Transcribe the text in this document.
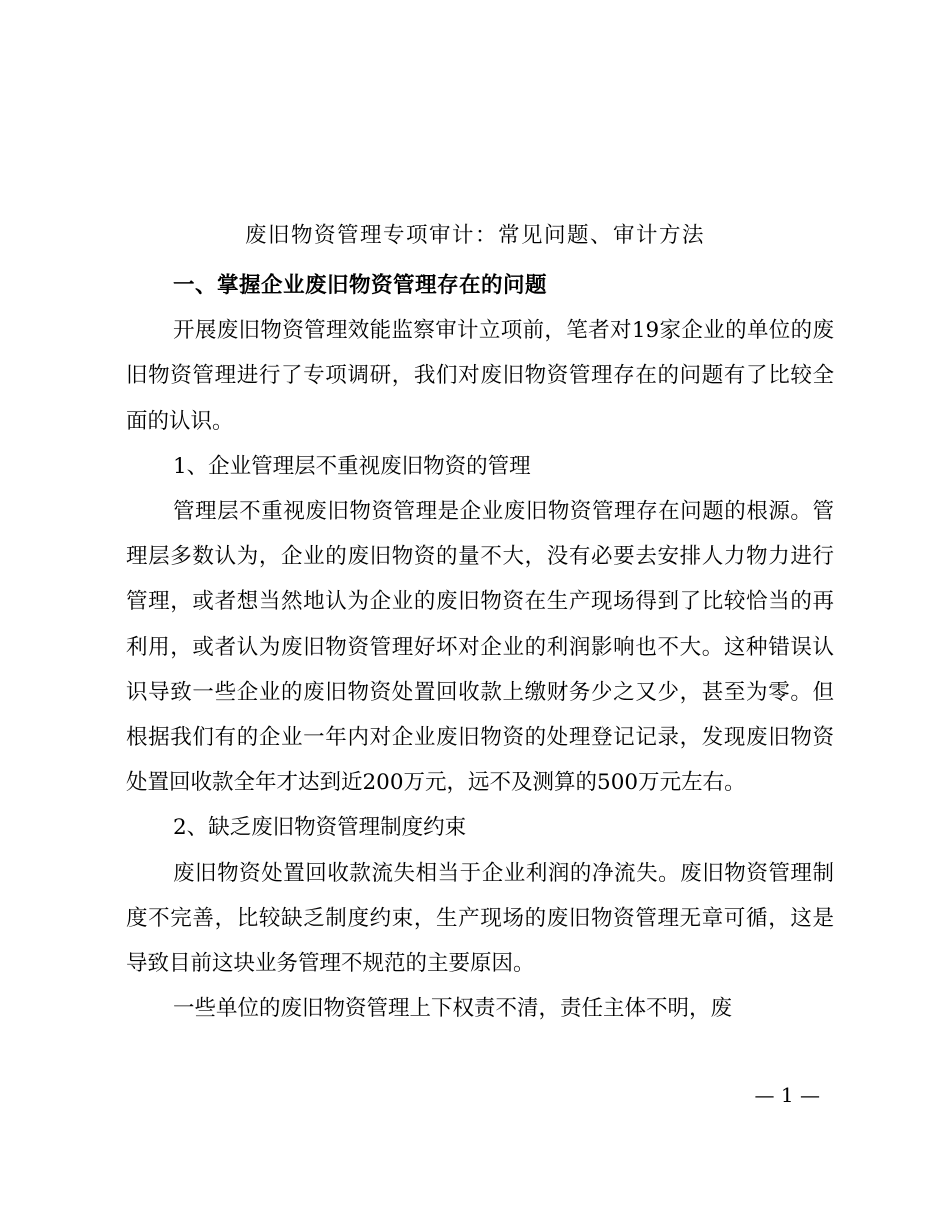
废旧物资管理专项审计：常见问题、审计方法

一、掌握企业废旧物资管理存在的问题

开展废旧物资管理效能监察审计立项前，笔者对19家企业的单位的废旧物资管理进行了专项调研，我们对废旧物资管理存在的问题有了比较全面的认识。

1、企业管理层不重视废旧物资的管理

管理层不重视废旧物资管理是企业废旧物资管理存在问题的根源。管理层多数认为，企业的废旧物资的量不大，没有必要去安排人力物力进行管理，或者想当然地认为企业的废旧物资在生产现场得到了比较恰当的再利用，或者认为废旧物资管理好坏对企业的利润影响也不大。这种错误认识导致一些企业的废旧物资处置回收款上缴财务少之又少，甚至为零。但根据我们有的企业一年内对企业废旧物资的处理登记记录，发现废旧物资处置回收款全年才达到近200万元，远不及测算的500万元左右。

2、缺乏废旧物资管理制度约束

废旧物资处置回收款流失相当于企业利润的净流失。废旧物资管理制度不完善，比较缺乏制度约束，生产现场的废旧物资管理无章可循，这是导致目前这块业务管理不规范的主要原因。

一些单位的废旧物资管理上下权责不清，责任主体不明，废

— 1 —
